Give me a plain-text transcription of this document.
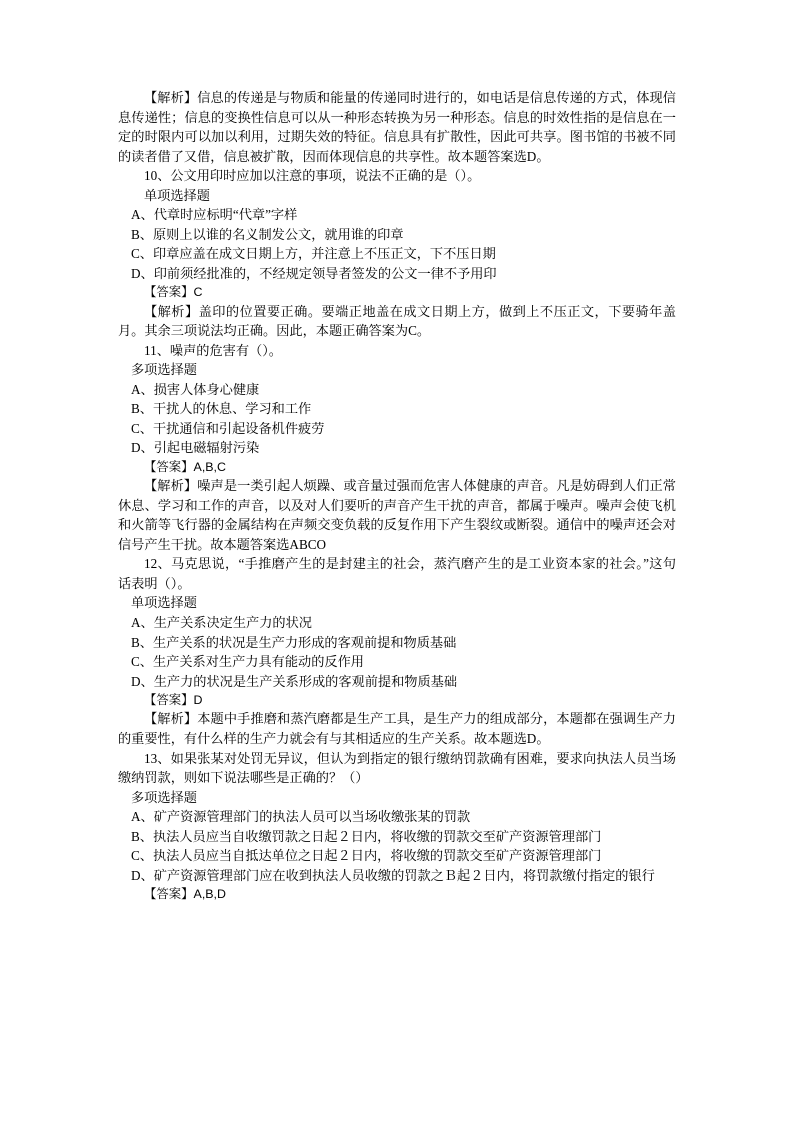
【解析】信息的传递是与物质和能量的传递同时进行的，如电话是信息传递的方式，体现信息传递性；信息的变换性信息可以从一种形态转换为另一种形态。信息的时效性指的是信息在一定的时限内可以加以利用，过期失效的特征。信息具有扩散性，因此可共享。图书馆的书被不同的读者借了又借，信息被扩散，因而体现信息的共享性。故本题答案选D。

10、公文用印时应加以注意的事项，说法不正确的是（）。

单项选择题

A、代章时应标明“代章”字样

B、原则上以谁的名义制发公文，就用谁的印章

C、印章应盖在成文日期上方，并注意上不压正文，下不压日期

D、印前须经批准的，不经规定领导者签发的公文一律不予用印

【答案】C

【解析】盖印的位置要正确。要端正地盖在成文日期上方，做到上不压正文，下要骑年盖月。其余三项说法均正确。因此，本题正确答案为C。

11、噪声的危害有（）。

多项选择题

A、损害人体身心健康

B、干扰人的休息、学习和工作

C、干扰通信和引起设备机件疲劳

D、引起电磁辐射污染

【答案】A,B,C

【解析】噪声是一类引起人烦躁、或音量过强而危害人体健康的声音。凡是妨碍到人们正常休息、学习和工作的声音，以及对人们要听的声音产生干扰的声音，都属于噪声。噪声会使飞机和火箭等飞行器的金属结构在声频交变负载的反复作用下产生裂纹或断裂。通信中的噪声还会对信号产生干扰。故本题答案选ABCO

12、马克思说，“手推磨产生的是封建主的社会，蒸汽磨产生的是工业资本家的社会。”这句话表明（）。

单项选择题

A、生产关系决定生产力的状况

B、生产关系的状况是生产力形成的客观前提和物质基础

C、生产关系对生产力具有能动的反作用

D、生产力的状况是生产关系形成的客观前提和物质基础

【答案】D

【解析】本题中手推磨和蒸汽磨都是生产工具，是生产力的组成部分，本题都在强调生产力的重要性，有什么样的生产力就会有与其相适应的生产关系。故本题选D。

13、如果张某对处罚无异议，但认为到指定的银行缴纳罚款确有困难，要求向执法人员当场缴纳罚款，则如下说法哪些是正确的？（）

多项选择题

A、矿产资源管理部门的执法人员可以当场收缴张某的罚款

B、执法人员应当自收缴罚款之日起２日内，将收缴的罚款交至矿产资源管理部门

C、执法人员应当自抵达单位之日起２日内，将收缴的罚款交至矿产资源管理部门

D、矿产资源管理部门应在收到执法人员收缴的罚款之Ｂ起２日内，将罚款缴付指定的银行

【答案】A,B,D
